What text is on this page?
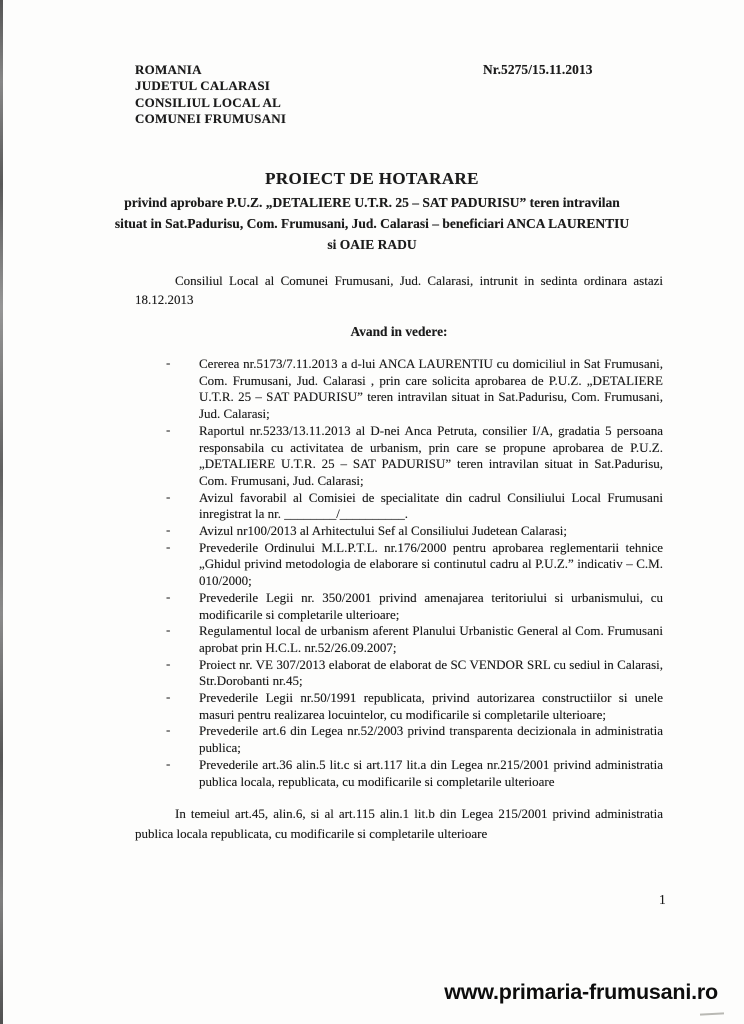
ROMANIA
JUDETUL CALARASI
CONSILIUL LOCAL AL
COMUNEI FRUMUSANI
Nr.5275/15.11.2013
PROIECT DE HOTARARE
privind aprobare P.U.Z. „DETALIERE U.T.R. 25 – SAT PADURISU” teren intravilan
situat in Sat.Padurisu, Com. Frumusani, Jud. Calarasi – beneficiari ANCA LAURENTIU
si OAIE RADU

Consiliul Local al Comunei Frumusani, Jud. Calarasi, intrunit in sedinta ordinara astazi 18.12.2013

Avand in vedere:

- Cererea nr.5173/7.11.2013 a d-lui ANCA LAURENTIU cu domiciliul in Sat Frumusani, Com. Frumusani, Jud. Calarasi , prin care solicita aprobarea de P.U.Z. „DETALIERE U.T.R. 25 – SAT PADURISU” teren intravilan situat in Sat.Padurisu, Com. Frumusani, Jud. Calarasi;
- Raportul nr.5233/13.11.2013 al D-nei Anca Petruta, consilier I/A, gradatia 5 persoana responsabila cu activitatea de urbanism, prin care se propune aprobarea de P.U.Z. „DETALIERE U.T.R. 25 – SAT PADURISU” teren intravilan situat in Sat.Padurisu, Com. Frumusani, Jud. Calarasi;
- Avizul favorabil al Comisiei de specialitate din cadrul Consiliului Local Frumusani inregistrat la nr. ________/__________.
- Avizul nr100/2013 al Arhitectului Sef al Consiliului Judetean Calarasi;
- Prevederile Ordinului M.L.P.T.L. nr.176/2000 pentru aprobarea reglementarii tehnice „Ghidul privind metodologia de elaborare si continutul cadru al P.U.Z.” indicativ – C.M. 010/2000;
- Prevederile Legii nr. 350/2001 privind amenajarea teritoriului si urbanismului, cu modificarile si completarile ulterioare;
- Regulamentul local de urbanism aferent Planului Urbanistic General al Com. Frumusani aprobat prin H.C.L. nr.52/26.09.2007;
- Proiect nr. VE 307/2013 elaborat de elaborat de SC VENDOR SRL cu sediul in Calarasi, Str.Dorobanti nr.45;
- Prevederile Legii nr.50/1991 republicata, privind autorizarea constructiilor si unele masuri pentru realizarea locuintelor, cu modificarile si completarile ulterioare;
- Prevederile art.6 din Legea nr.52/2003 privind transparenta decizionala in administratia publica;
- Prevederile art.36 alin.5 lit.c si art.117 lit.a din Legea nr.215/2001 privind administratia publica locala, republicata, cu modificarile si completarile ulterioare

In temeiul art.45, alin.6, si al art.115 alin.1 lit.b din Legea 215/2001 privind administratia publica locala republicata, cu modificarile si completarile ulterioare

1
www.primaria-frumusani.ro
